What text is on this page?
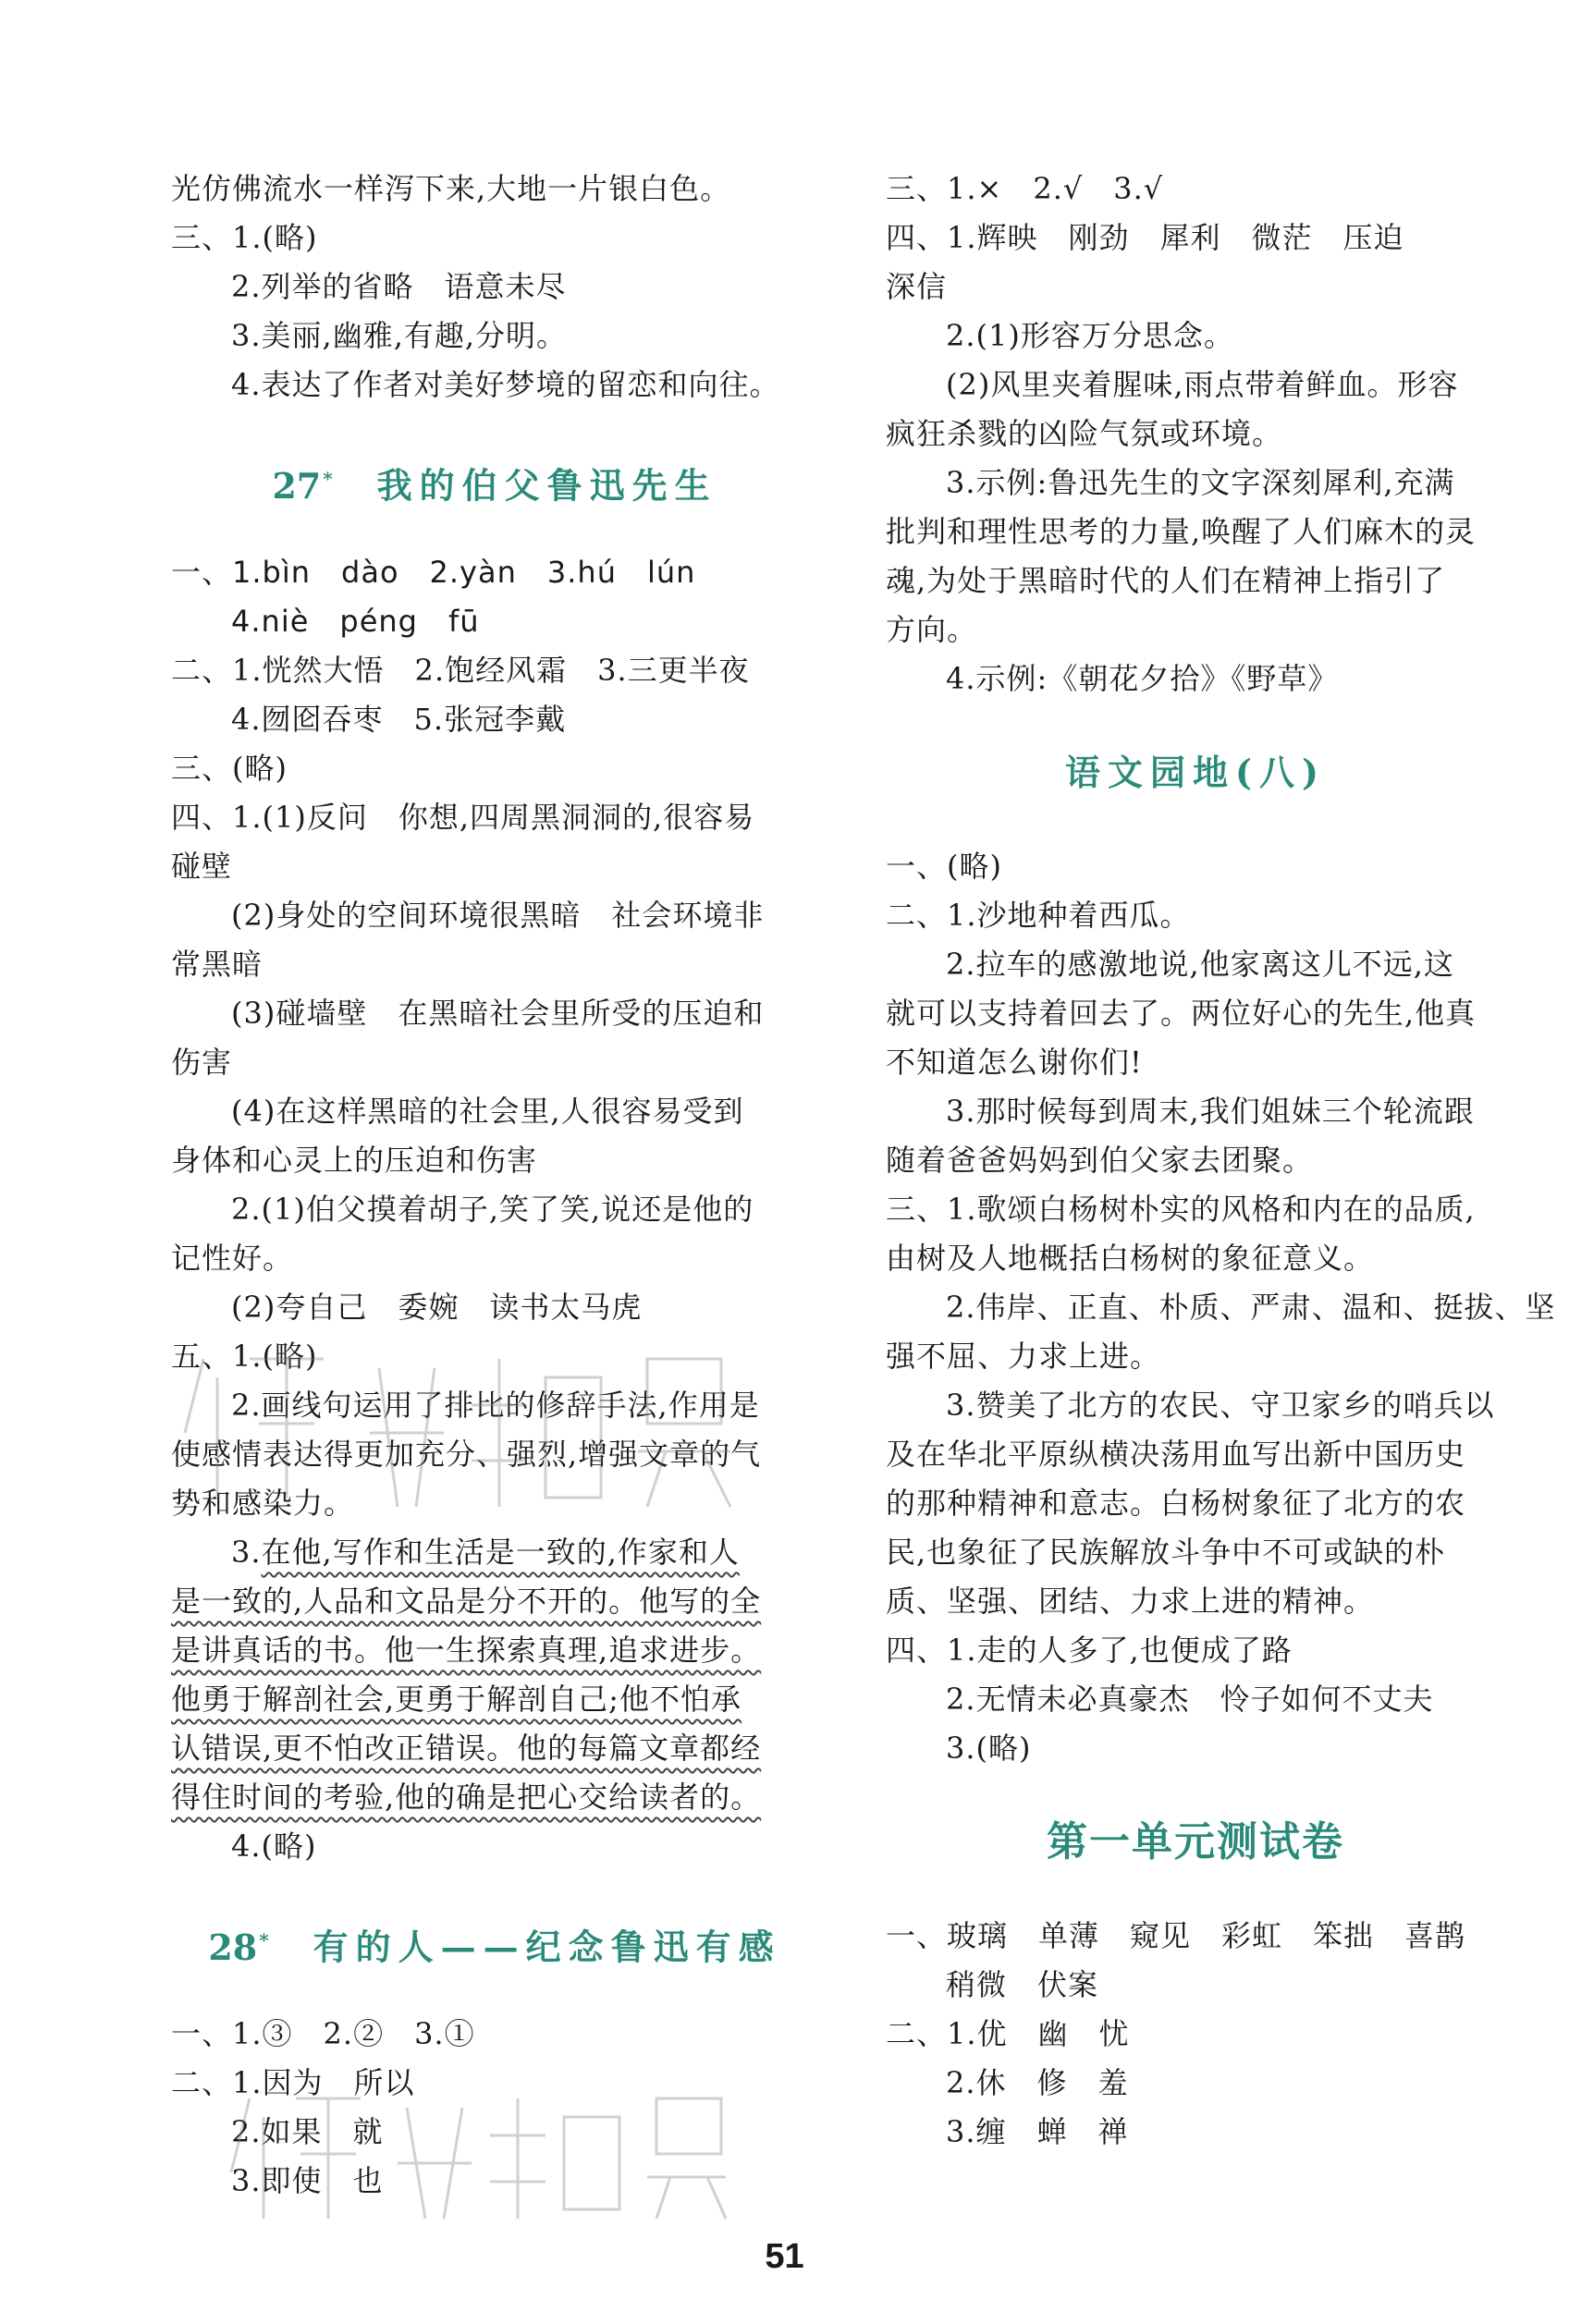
光仿佛流水一样泻下来,大地一片银白色。
三、1.(略)
2.列举的省略　语意未尽
3.美丽,幽雅,有趣,分明。
4.表达了作者对美好梦境的留恋和向往。
27 * 我的伯父鲁迅先生
一、1.bìn　dào　2.yàn　3.hú　lún
4.niè　péng　fū
二、1.恍然大悟　2.饱经风霜　3.三更半夜
4.囫囵吞枣　5.张冠李戴
三、(略)
四、1.(1)反问　你想,四周黑洞洞的,很容易
碰壁
(2)身处的空间环境很黑暗　社会环境非
常黑暗
(3)碰墙壁　在黑暗社会里所受的压迫和
伤害
(4)在这样黑暗的社会里,人很容易受到
身体和心灵上的压迫和伤害
2.(1)伯父摸着胡子,笑了笑,说还是他的
记性好。
(2)夸自己　委婉　读书太马虎
五、1.(略)
2.画线句运用了排比的修辞手法,作用是
使感情表达得更加充分、强烈,增强文章的气
势和感染力。
3.在他,写作和生活是一致的,作家和人
是一致的,人品和文品是分不开的。他写的全
是讲真话的书。他一生探索真理,追求进步。
他勇于解剖社会,更勇于解剖自己;他不怕承
认错误,更不怕改正错误。他的每篇文章都经
得住时间的考验,他的确是把心交给读者的。
4.(略)
28 * 有的人——纪念鲁迅有感
一、1.③　2.②　3.①
二、1.因为　所以
2.如果　就
3.即使　也
三、1.×　2.√　3.√
四、1.辉映　刚劲　犀利　微茫　压迫
深信
2.(1)形容万分思念。
(2)风里夹着腥味,雨点带着鲜血。形容
疯狂杀戮的凶险气氛或环境。
3.示例:鲁迅先生的文字深刻犀利,充满
批判和理性思考的力量,唤醒了人们麻木的灵
魂,为处于黑暗时代的人们在精神上指引了
方向。
4.示例:《朝花夕拾》《野草》
语文园地(八)
一、(略)
二、1.沙地种着西瓜。
2.拉车的感激地说,他家离这儿不远,这
就可以支持着回去了。两位好心的先生,他真
不知道怎么谢你们!
3.那时候每到周末,我们姐妹三个轮流跟
随着爸爸妈妈到伯父家去团聚。
三、1.歌颂白杨树朴实的风格和内在的品质,
由树及人地概括白杨树的象征意义。
2.伟岸、正直、朴质、严肃、温和、挺拔、坚
强不屈、力求上进。
3.赞美了北方的农民、守卫家乡的哨兵以
及在华北平原纵横决荡用血写出新中国历史
的那种精神和意志。白杨树象征了北方的农
民,也象征了民族解放斗争中不可或缺的朴
质、坚强、团结、力求上进的精神。
四、1.走的人多了,也便成了路
2.无情未必真豪杰　怜子如何不丈夫
3.(略)
第一单元测试卷
一、玻璃　单薄　窥见　彩虹　笨拙　喜鹊
稍微　伏案
二、1.优　幽　忧
2.休　修　羞
3.缠　蝉　禅
51
